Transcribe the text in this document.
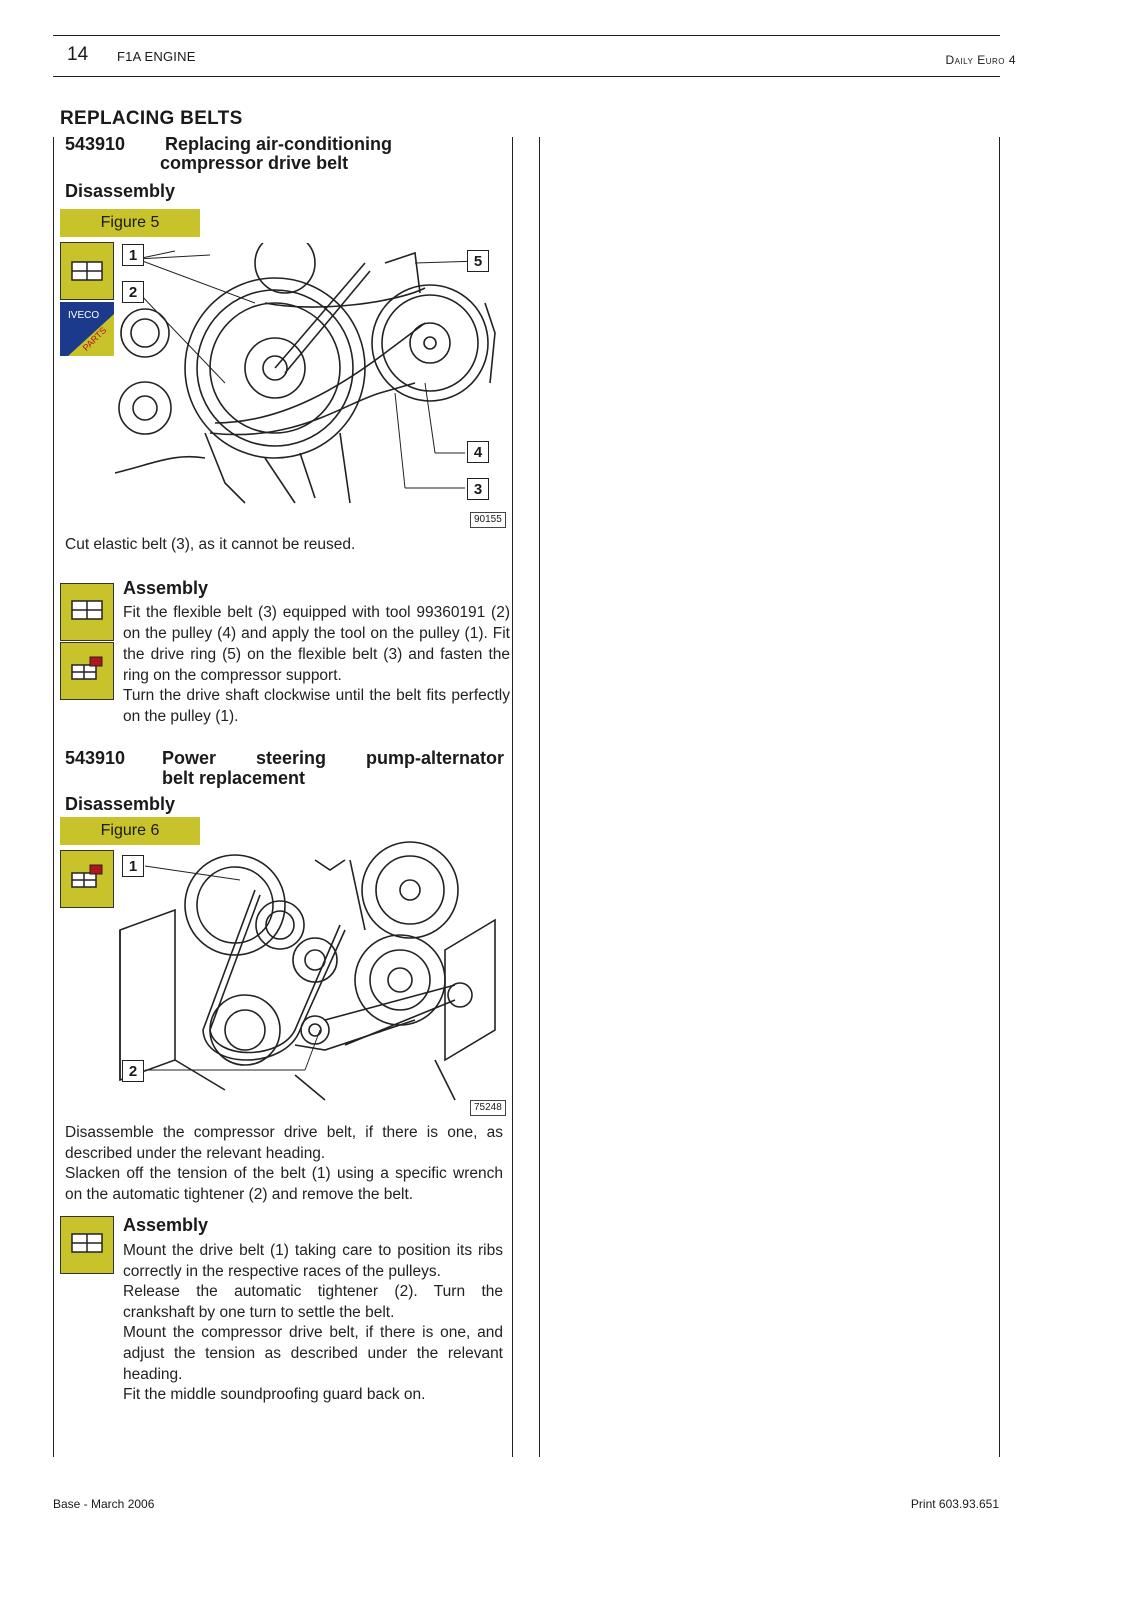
14 F1A ENGINE	Daily Euro 4
REPLACING BELTS
543910 Replacing air-conditioning
compressor drive belt
Disassembly
Figure 5
IVECO
PARTS
1
2
5
4
3
90155
Cut elastic belt (3), as it cannot be reused.
Assembly
Fit the flexible belt (3) equipped with tool 99360191 (2) on the pulley (4) and apply the tool on the pulley (1). Fit the drive ring (5) on the flexible belt (3) and fasten the ring on the compressor support.
Turn the drive shaft clockwise until the belt fits perfectly on the pulley (1).
543910 Power steering pump-alternator
belt replacement
Disassembly
Figure 6
1
2
75248
Disassemble the compressor drive belt, if there is one, as described under the relevant heading.
Slacken off the tension of the belt (1) using a specific wrench on the automatic tightener (2) and remove the belt.
Assembly
Mount the drive belt (1) taking care to position its ribs correctly in the respective races of the pulleys.
Release the automatic tightener (2). Turn the crankshaft by one turn to settle the belt.
Mount the compressor drive belt, if there is one, and adjust the tension as described under the relevant heading.
Fit the middle soundproofing guard back on.
Base - March 2006	Print 603.93.651
